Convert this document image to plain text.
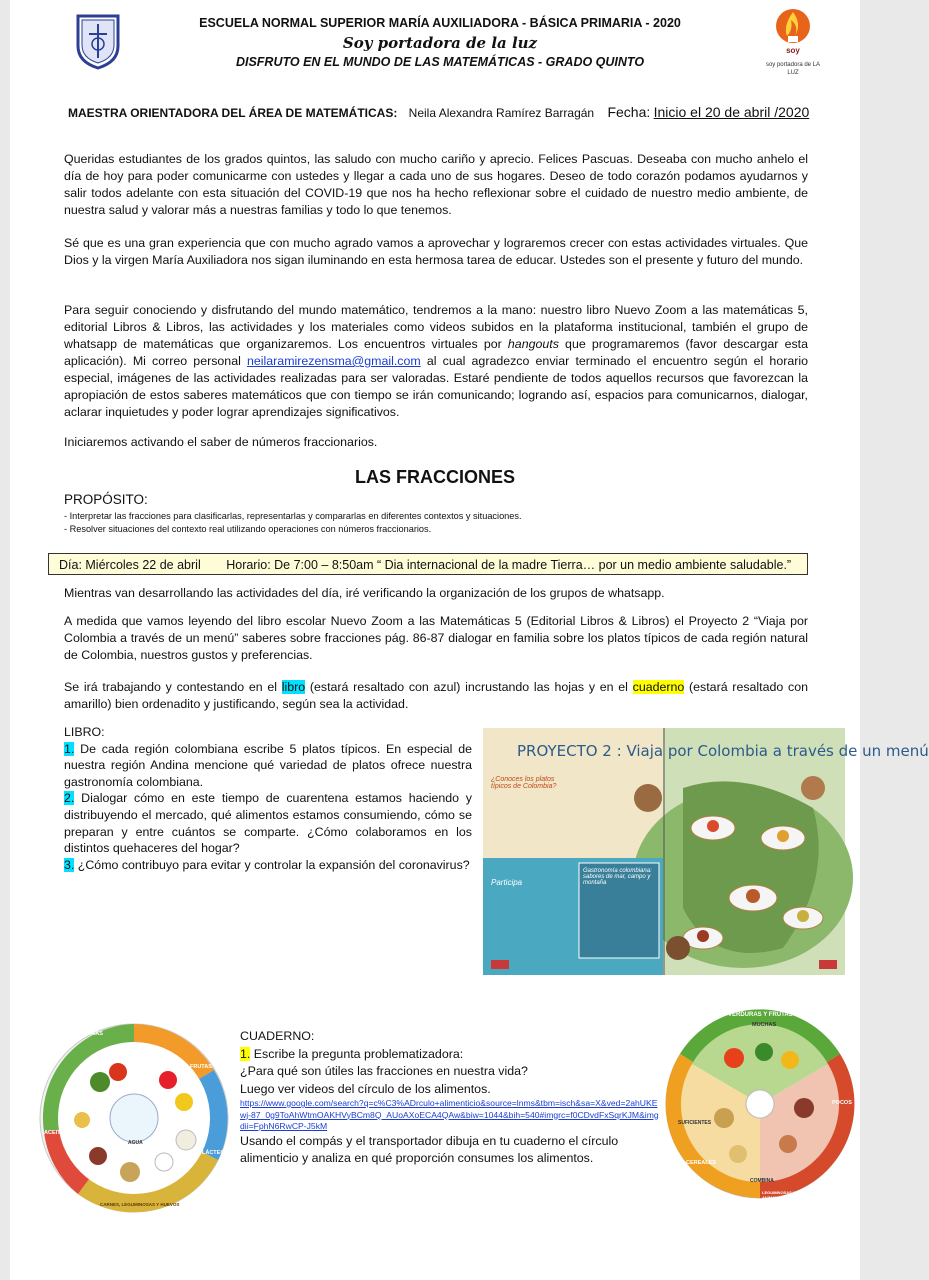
ESCUELA NORMAL SUPERIOR MARÍA AUXILIADORA - BÁSICA PRIMARIA - 2020
Soy portadora de la luz
DISFRUTO EN EL MUNDO DE LAS MATEMÁTICAS - GRADO QUINTO
soy
soy portadora de LA LUZ
MAESTRA ORIENTADORA DEL ÁREA DE MATEMÁTICAS: Neila Alexandra Ramírez Barragán Fecha: Inicio el 20 de abril /2020

Queridas estudiantes de los grados quintos, las saludo con mucho cariño y aprecio. Felices Pascuas. Deseaba con mucho anhelo el día de hoy para poder comunicarme con ustedes y llegar a cada uno de sus hogares. Deseo de todo corazón podamos ayudarnos y salir todos adelante con esta situación del COVID-19 que nos ha hecho reflexionar sobre el cuidado de nuestro medio ambiente, de nuestra salud y valorar más a nuestras familias y todo lo que tenemos.

Sé que es una gran experiencia que con mucho agrado vamos a aprovechar y lograremos crecer con estas actividades virtuales. Que Dios y la virgen María Auxiliadora nos sigan iluminando en esta hermosa tarea de educar. Ustedes son el presente y futuro del mundo.

Para seguir conociendo y disfrutando del mundo matemático, tendremos a la mano: nuestro libro Nuevo Zoom a las matemáticas 5, editorial Libros & Libros, las actividades y los materiales como videos subidos en la plataforma institucional, también el grupo de whatsapp de matemáticas que organizaremos. Los encuentros virtuales por hangouts que programaremos (favor descargar esta aplicación). Mi correo personal neilaramirezensma@gmail.com al cual agradezco enviar terminado el encuentro según el horario especial, imágenes de las actividades realizadas para ser valoradas. Estaré pendiente de todos aquellos recursos que favorezcan la apropiación de estos saberes matemáticos que con tiempo se irán comunicando; logrando así, espacios para comunicarnos, dialogar, aclarar inquietudes y poder lograr aprendizajes significativos.

Iniciaremos activando el saber de números fraccionarios.

LAS FRACCIONES
PROPÓSITO:
- Interpretar las fracciones para clasificarlas, representarlas y compararlas en diferentes contextos y situaciones.
- Resolver situaciones del contexto real utilizando operaciones con números fraccionarios.
Día: Miércoles 22 de abril Horario: De 7:00 – 8:50am “ Dia internacional de la madre Tierra… por un medio ambiente saludable.”

Mientras van desarrollando las actividades del día, iré verificando la organización de los grupos de whatsapp.

A medida que vamos leyendo del libro escolar Nuevo Zoom a las Matemáticas 5 (Editorial Libros & Libros) el Proyecto 2 “Viaja por Colombia a través de un menú” saberes sobre fracciones pág. 86-87 dialogar en familia sobre los platos típicos de cada región natural de Colombia, nuestros gustos y preferencias.

Se irá trabajando y contestando en el libro (estará resaltado con azul) incrustando las hojas y en el cuaderno (estará resaltado con amarillo) bien ordenadito y justificando, según sea la actividad.

LIBRO:
1. De cada región colombiana escribe 5 platos típicos. En especial de nuestra región Andina mencione qué variedad de platos ofrece nuestra gastronomía colombiana.
2. Dialogar cómo en este tiempo de cuarentena estamos haciendo y distribuyendo el mercado, qué alimentos estamos consumiendo, cómo se preparan y entre cuántos se comparte. ¿Cómo colaboramos en los distintos quehaceres del hogar?
3. ¿Cómo contribuyo para evitar y controlar la expansión del coronavirus?
PROYECTO 2 : Viaja por Colombia a través de un menú
¿Conoces los platos típicos de Colombia?
Participa
Gastronomía colombiana: sabores de mar, campo y montaña
VERDURAS
FRUTAS
LÁCTEOS
CARNES, LEGUMINOSAS Y HUEVOS
ACEITES
AGUA
CUADERNO:
1. Escribe la pregunta problematizadora:
¿Para qué son útiles las fracciones en nuestra vida?
Luego ver videos del círculo de los alimentos.
https://www.google.com/search?q=c%C3%ADrculo+alimenticio&source=lnms&tbm=isch&sa=X&ved=2ahUKEwj-87_0g9ToAhWtmOAKHVyBCm8Q_AUoAXoECA4QAw&biw=1044&bih=540#imgrc=f0CDvdFxSqrKJM&imgdii=FphN6RwCP-J5kM
Usando el compás y el transportador dibuja en tu cuaderno el círculo alimenticio y analiza en qué proporción consumes los alimentos.
VERDURAS Y FRUTAS
MUCHAS
POCOS
SUFICIENTES
CEREALES
COMBINA
LEGUMINOSAS Y ALIMENTOS DE ORIGEN ANIMAL
